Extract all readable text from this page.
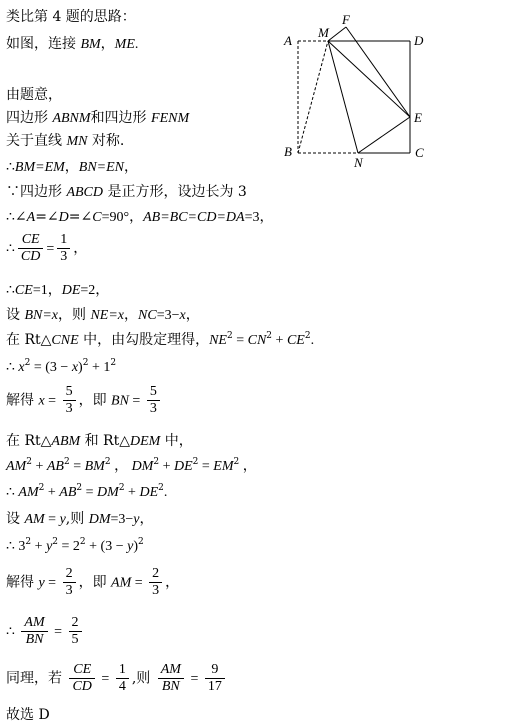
A
M
F
D
E
B
N
C
类比第 4 题的思路：
如图，连接 BM，ME.
由题意，
四边形 ABNM和四边形 FENM
关于直线 MN 对称.
∴BM=EM，BN=EN，
∵四边形 ABCD 是正方形，设边长为 3
∴∠A=∠D=∠C=90°，AB=BC=CD=DA=3，
∴ $\frac{CE}{CD} = \frac{1}{3}$ ，
∴CE=1，DE=2，
设 BN=x，则 NE=x，NC=3−x，
在 Rt△CNE 中，由勾股定理得，$NE^2 = CN^2 + CE^2$.
∴ $x^2 = (3 - x)^2 + 1^2$
解得 $x = \frac{5}{3}$ ，即 BN = $\frac{5}{3}$
在 Rt△ABM 和 Rt△DEM 中，
$AM^2 + AB^2 = BM^2$ ， $DM^2 + DE^2 = EM^2$ ，
∴ $AM^2 + AB^2 = DM^2 + DE^2$.
设 AM = y,则 DM=3−y，
∴ $3^2 + y^2 = 2^2 + (3 - y)^2$
解得 $y = \frac{2}{3}$ ，即 AM = $\frac{2}{3}$ ，
∴ $\frac{AM}{BN} = \frac{2}{5}$
同理，若 $\frac{CE}{CD} = \frac{1}{4}$ ,则 $\frac{AM}{BN} = \frac{9}{17}$
故选 D
